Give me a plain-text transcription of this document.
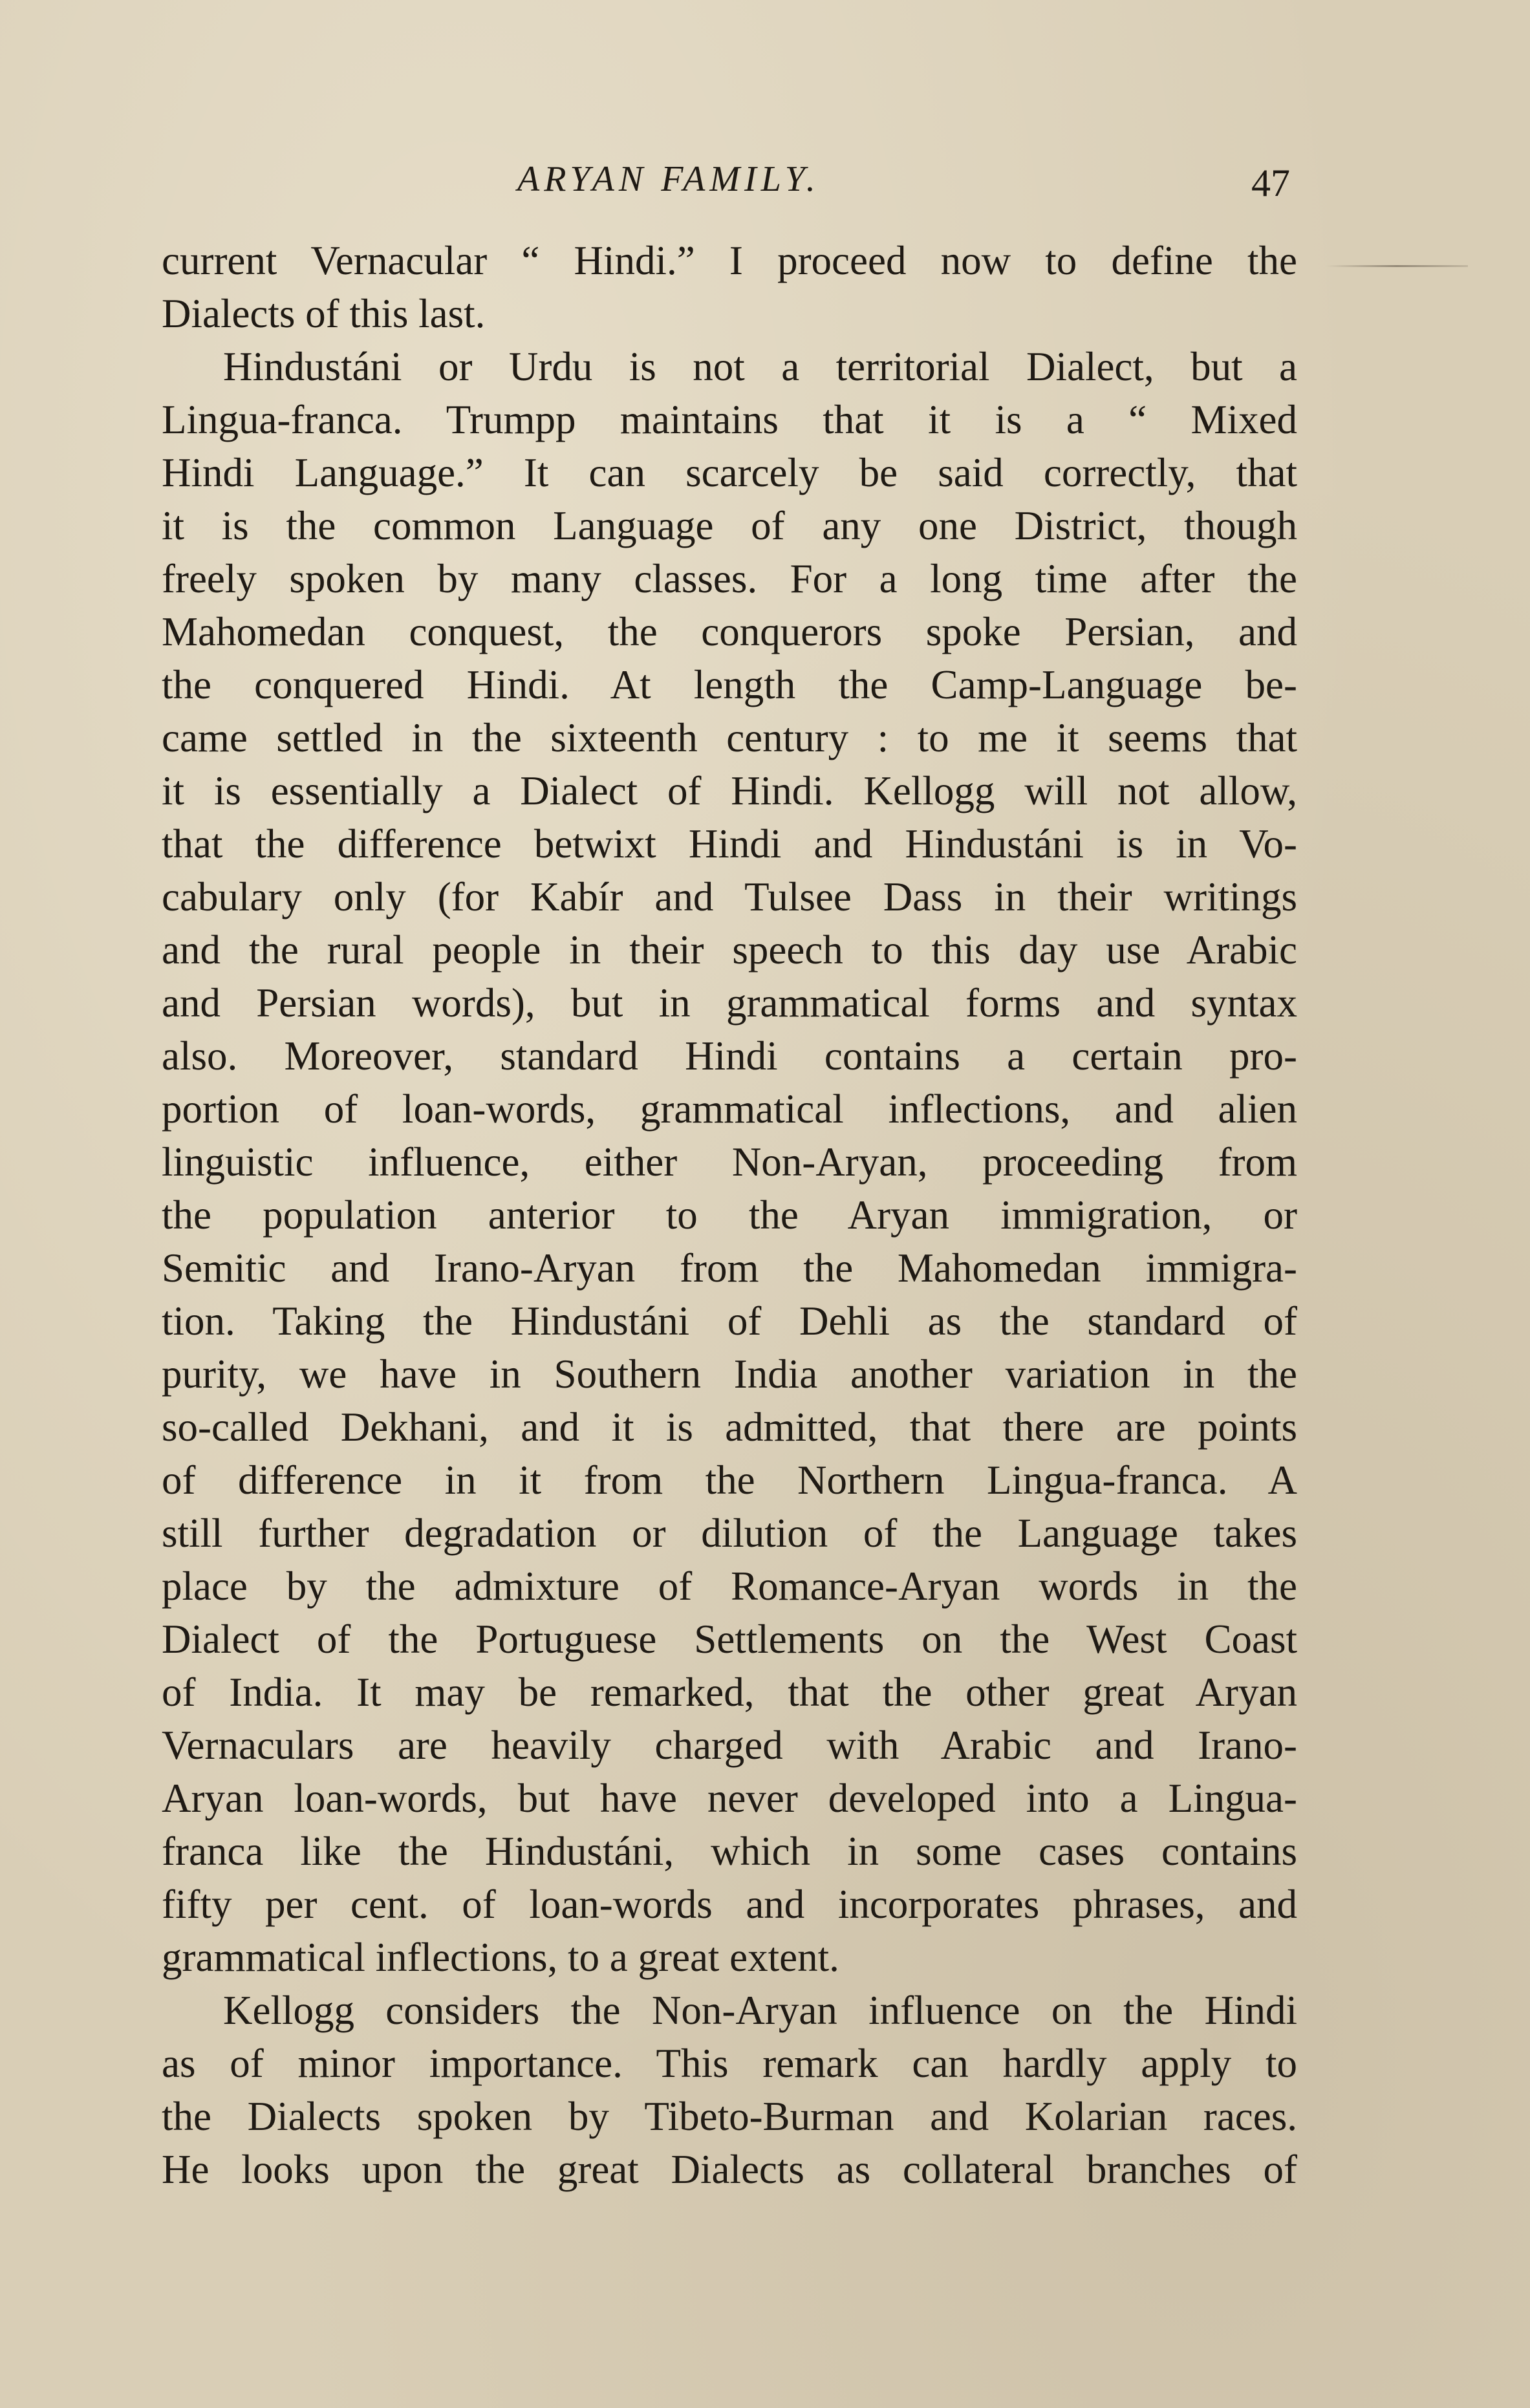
ARYAN FAMILY.	47
current Vernacular “ Hindi.” I proceed now to define the
Dialects of this last.
Hindustáni or Urdu is not a territorial Dialect, but a
Lingua-franca. Trumpp maintains that it is a “ Mixed
Hindi Language.” It can scarcely be said correctly, that
it is the common Language of any one District, though
freely spoken by many classes. For a long time after the
Mahomedan conquest, the conquerors spoke Persian, and
the conquered Hindi. At length the Camp-Language be-
came settled in the sixteenth century : to me it seems that
it is essentially a Dialect of Hindi. Kellogg will not allow,
that the difference betwixt Hindi and Hindustáni is in Vo-
cabulary only (for Kabír and Tulsee Dass in their writings
and the rural people in their speech to this day use Arabic
and Persian words), but in grammatical forms and syntax
also. Moreover, standard Hindi contains a certain pro-
portion of loan-words, grammatical inflections, and alien
linguistic influence, either Non-Aryan, proceeding from
the population anterior to the Aryan immigration, or
Semitic and Irano-Aryan from the Mahomedan immigra-
tion. Taking the Hindustáni of Dehli as the standard of
purity, we have in Southern India another variation in the
so-called Dekhani, and it is admitted, that there are points
of difference in it from the Northern Lingua-franca. A
still further degradation or dilution of the Language takes
place by the admixture of Romance-Aryan words in the
Dialect of the Portuguese Settlements on the West Coast
of India. It may be remarked, that the other great Aryan
Vernaculars are heavily charged with Arabic and Irano-
Aryan loan-words, but have never developed into a Lingua-
franca like the Hindustáni, which in some cases contains
fifty per cent. of loan-words and incorporates phrases, and
grammatical inflections, to a great extent.
Kellogg considers the Non-Aryan influence on the Hindi
as of minor importance. This remark can hardly apply to
the Dialects spoken by Tibeto-Burman and Kolarian races.
He looks upon the great Dialects as collateral branches of
